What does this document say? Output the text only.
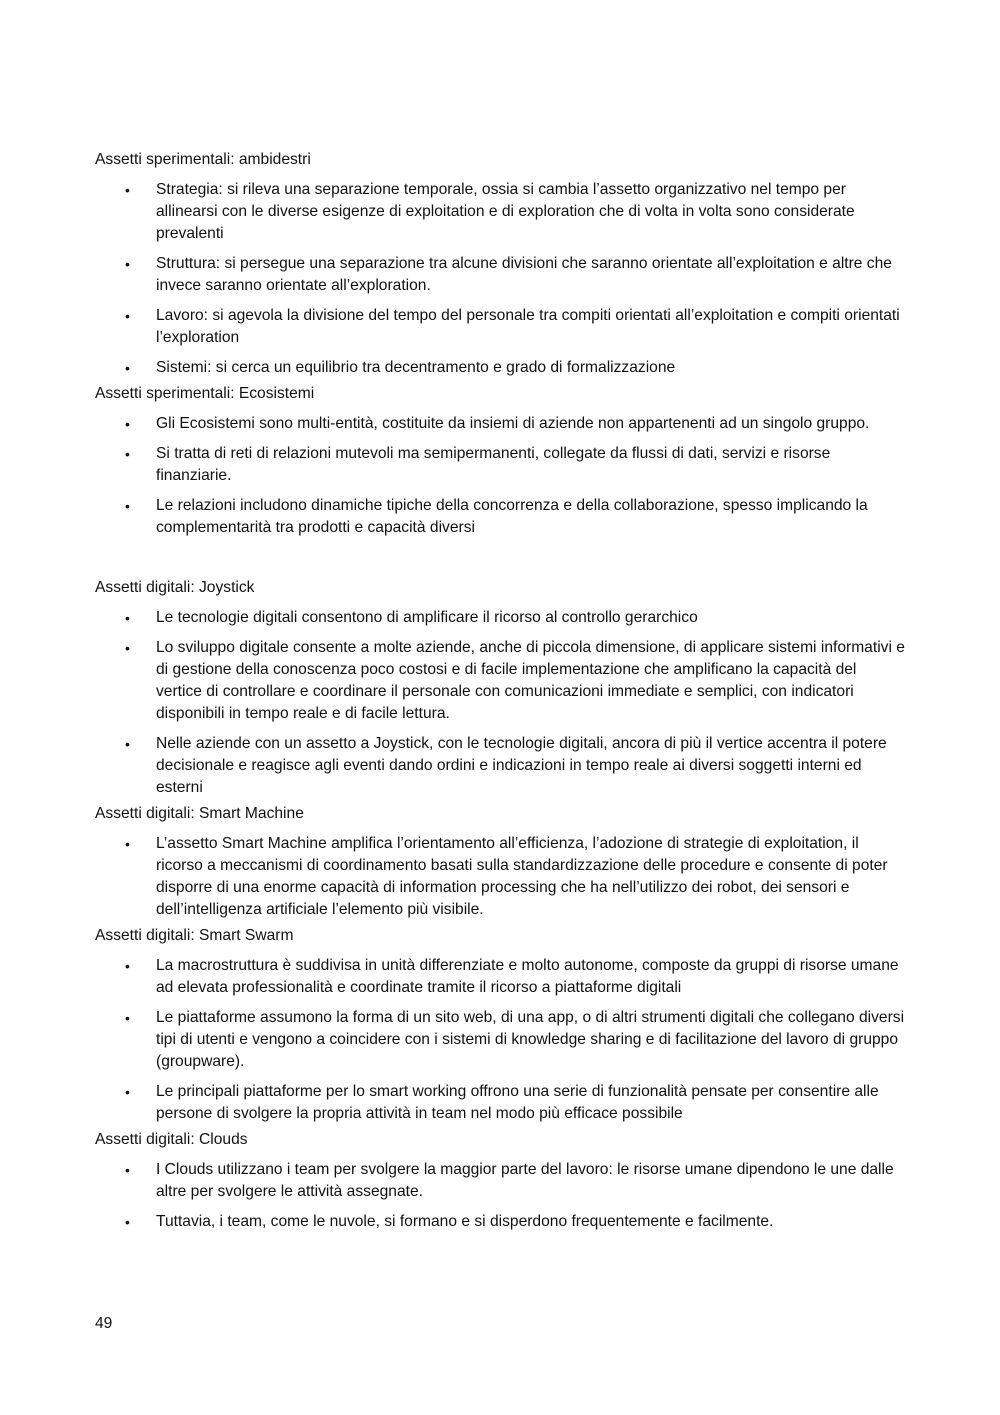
Assetti sperimentali: ambidestri

• Strategia: si rileva una separazione temporale, ossia si cambia l’assetto organizzativo nel tempo per allinearsi con le diverse esigenze di exploitation e di exploration che di volta in volta sono considerate prevalenti
• Struttura: si persegue una separazione tra alcune divisioni che saranno orientate all’exploitation e altre che invece saranno orientate all’exploration.
• Lavoro: si agevola la divisione del tempo del personale tra compiti orientati all’exploitation e compiti orientati l’exploration
• Sistemi: si cerca un equilibrio tra decentramento e grado di formalizzazione

Assetti sperimentali: Ecosistemi

• Gli Ecosistemi sono multi-entità, costituite da insiemi di aziende non appartenenti ad un singolo gruppo.
• Si tratta di reti di relazioni mutevoli ma semipermanenti, collegate da flussi di dati, servizi e risorse finanziarie.
• Le relazioni includono dinamiche tipiche della concorrenza e della collaborazione, spesso implicando la complementarità tra prodotti e capacità diversi

Assetti digitali: Joystick

• Le tecnologie digitali consentono di amplificare il ricorso al controllo gerarchico
• Lo sviluppo digitale consente a molte aziende, anche di piccola dimensione, di applicare sistemi informativi e di gestione della conoscenza poco costosi e di facile implementazione che amplificano la capacità del vertice di controllare e coordinare il personale con comunicazioni immediate e semplici, con indicatori disponibili in tempo reale e di facile lettura.
• Nelle aziende con un assetto a Joystick, con le tecnologie digitali, ancora di più il vertice accentra il potere decisionale e reagisce agli eventi dando ordini e indicazioni in tempo reale ai diversi soggetti interni ed esterni

Assetti digitali: Smart Machine

• L’assetto Smart Machine amplifica l’orientamento all’efficienza, l’adozione di strategie di exploitation, il ricorso a meccanismi di coordinamento basati sulla standardizzazione delle procedure e consente di poter disporre di una enorme capacità di information processing che ha nell’utilizzo dei robot, dei sensori e dell’intelligenza artificiale l’elemento più visibile.

Assetti digitali: Smart Swarm

• La macrostruttura è suddivisa in unità differenziate e molto autonome, composte da gruppi di risorse umane ad elevata professionalità e coordinate tramite il ricorso a piattaforme digitali
• Le piattaforme assumono la forma di un sito web, di una app, o di altri strumenti digitali che collegano diversi tipi di utenti e vengono a coincidere con i sistemi di knowledge sharing e di facilitazione del lavoro di gruppo (groupware).
• Le principali piattaforme per lo smart working offrono una serie di funzionalità pensate per consentire alle persone di svolgere la propria attività in team nel modo più efficace possibile

Assetti digitali: Clouds

• I Clouds utilizzano i team per svolgere la maggior parte del lavoro: le risorse umane dipendono le une dalle altre per svolgere le attività assegnate.
• Tuttavia, i team, come le nuvole, si formano e si disperdono frequentemente e facilmente.
49
